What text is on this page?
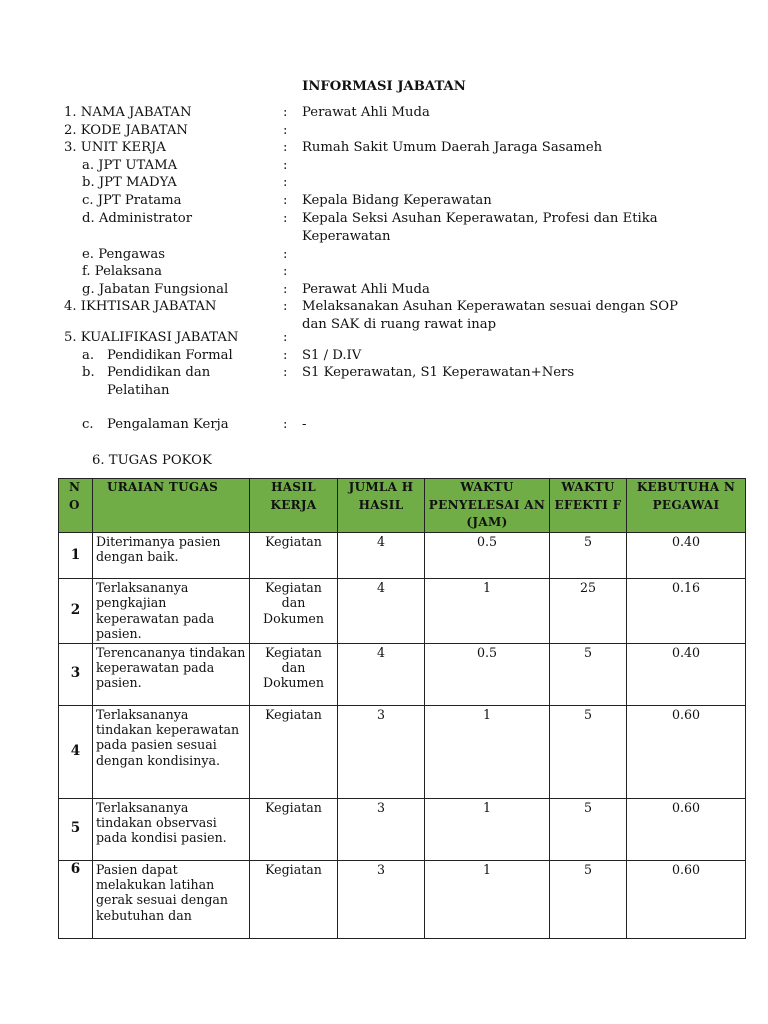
INFORMASI JABATAN
1. NAMA JABATAN	: Perawat Ahli Muda
2. KODE JABATAN	:
3. UNIT KERJA	: Rumah Sakit Umum Daerah Jaraga Sasameh
a. JPT UTAMA	:
b. JPT MADYA	:
c. JPT Pratama	: Kepala Bidang Keperawatan
d. Administrator	: Kepala Seksi Asuhan Keperawatan, Profesi dan Etika Keperawatan
e. Pengawas	:
f. Pelaksana	:
g. Jabatan Fungsional	: Perawat Ahli Muda
4. IKHTISAR JABATAN	: Melaksanakan Asuhan Keperawatan sesuai dengan SOP dan SAK di ruang rawat inap
5. KUALIFIKASI JABATAN	:
a. Pendidikan Formal	: S1 / D.IV
b. Pendidikan dan Pelatihan
: S1 Keperawatan, S1 Keperawatan+Ners
c. Pengalaman Kerja	: -
6. TUGAS POKOK
N O	URAIAN TUGAS	HASIL KERJA	JUMLA H HASIL	WAKTU PENYELESAI AN (JAM)	WAKTU EFEKTI F	KEBUTUHA N PEGAWAI
1	Diterimanya pasien dengan baik.	Kegiatan	4	0.5	5	0.40
2	Terlaksananya pengkajian keperawatan pada pasien.	Kegiatan dan Dokumen	4	1	25	0.16
3	Terencananya tindakan keperawatan pada pasien.	Kegiatan dan Dokumen	4	0.5	5	0.40
4	Terlaksananya tindakan keperawatan pada pasien sesuai dengan kondisinya.	Kegiatan	3	1	5	0.60
5	Terlaksananya tindakan observasi pada kondisi pasien.	Kegiatan	3	1	5	0.60
6	Pasien dapat melakukan latihan gerak sesuai dengan kebutuhan dan	Kegiatan	3	1	5	0.60
